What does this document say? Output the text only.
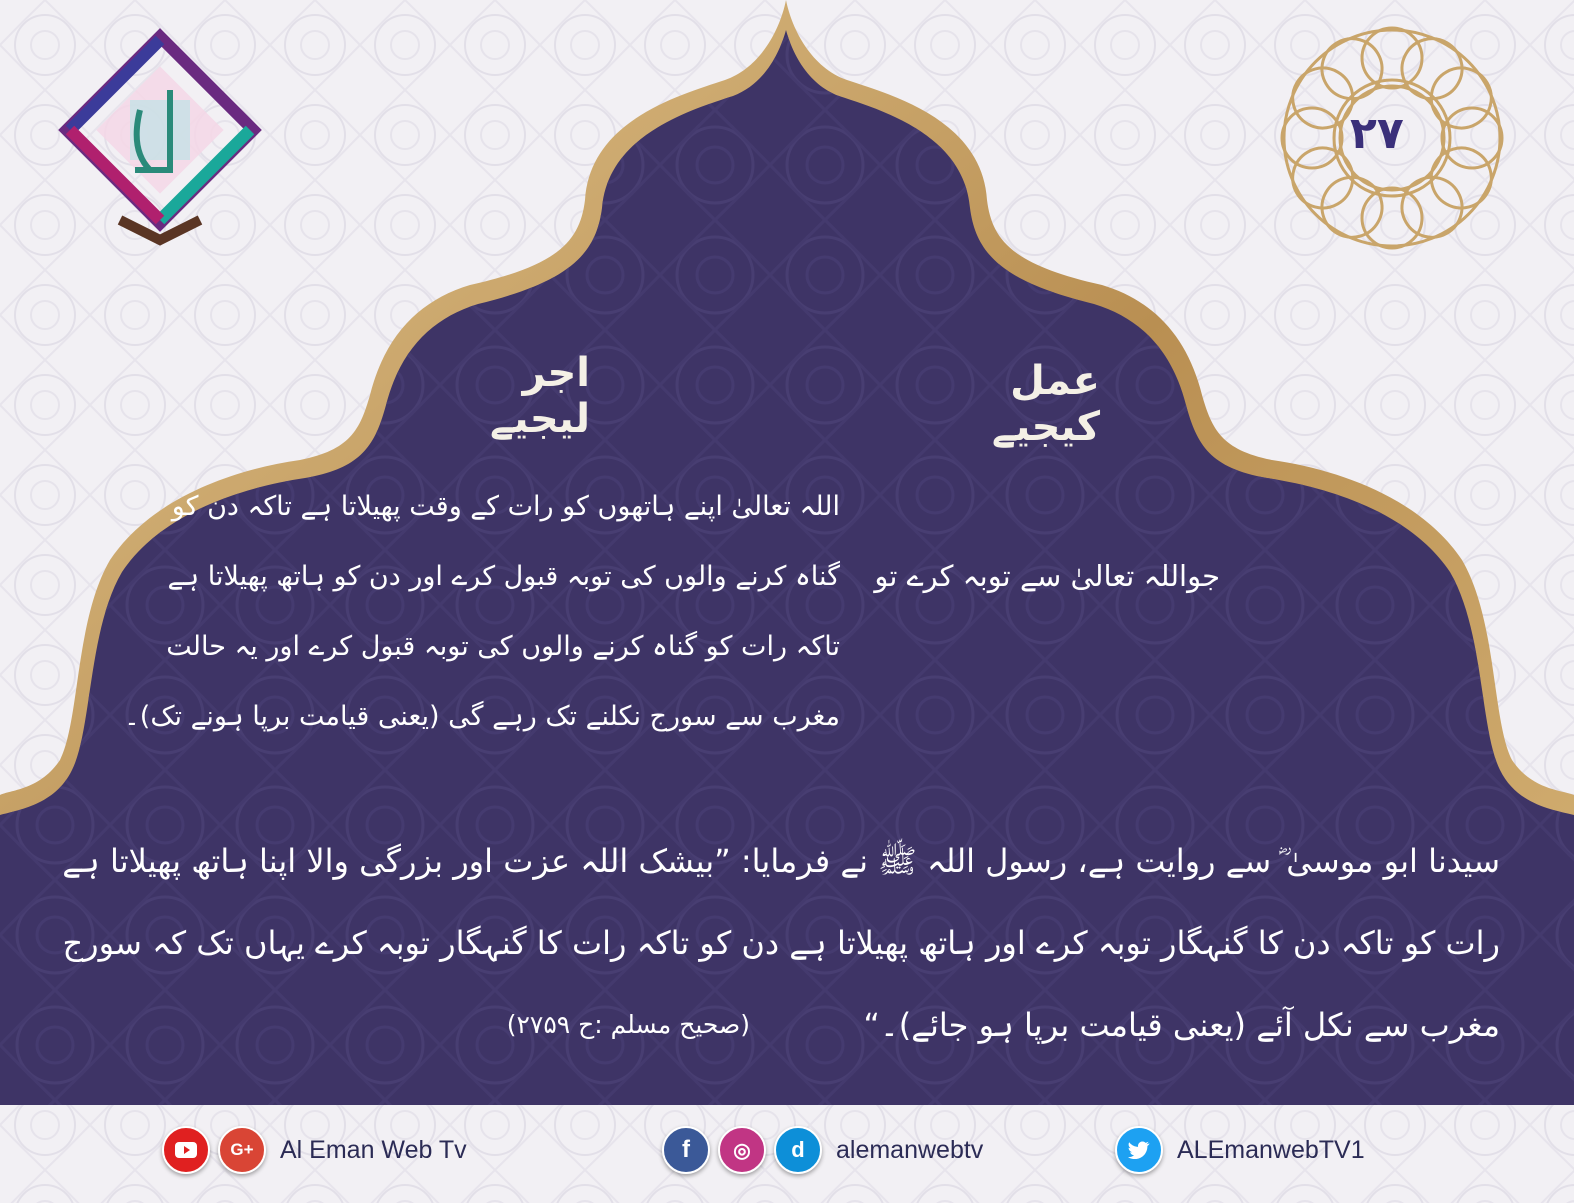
۲۷
عمل کیجیے
اجر لیجیے
جواللہ تعالیٰ سے توبہ کرے تو
اللہ تعالیٰ اپنے ہاتھوں کو رات کے وقت پھیلاتا ہے تاکہ دن کو
گناہ کرنے والوں کی توبہ قبول کرے اور دن کو ہاتھ پھیلاتا ہے
تاکہ رات کو گناہ کرنے والوں کی توبہ قبول کرے اور یہ حالت
مغرب سے سورج نکلنے تک رہے گی (یعنی قیامت برپا ہونے تک)۔
سیدنا ابو موسیٰ ؓ سے روایت ہے، رسول اللہ ﷺ نے فرمایا: ”بیشک اللہ عزت اور بزرگی والا اپنا ہاتھ پھیلاتا ہے
رات کو تاکہ دن کا گنہگار توبہ کرے اور ہاتھ پھیلاتا ہے دن کو تاکہ رات کا گنہگار توبہ کرے یہاں تک کہ سورج
مغرب سے نکل آئے (یعنی قیامت برپا ہو جائے)۔“
(صحیح مسلم :ح ۲۷۵۹)
G+	Al Eman Web Tv	f	◎	d	alemanwebtv	ALEmanwebTV1
